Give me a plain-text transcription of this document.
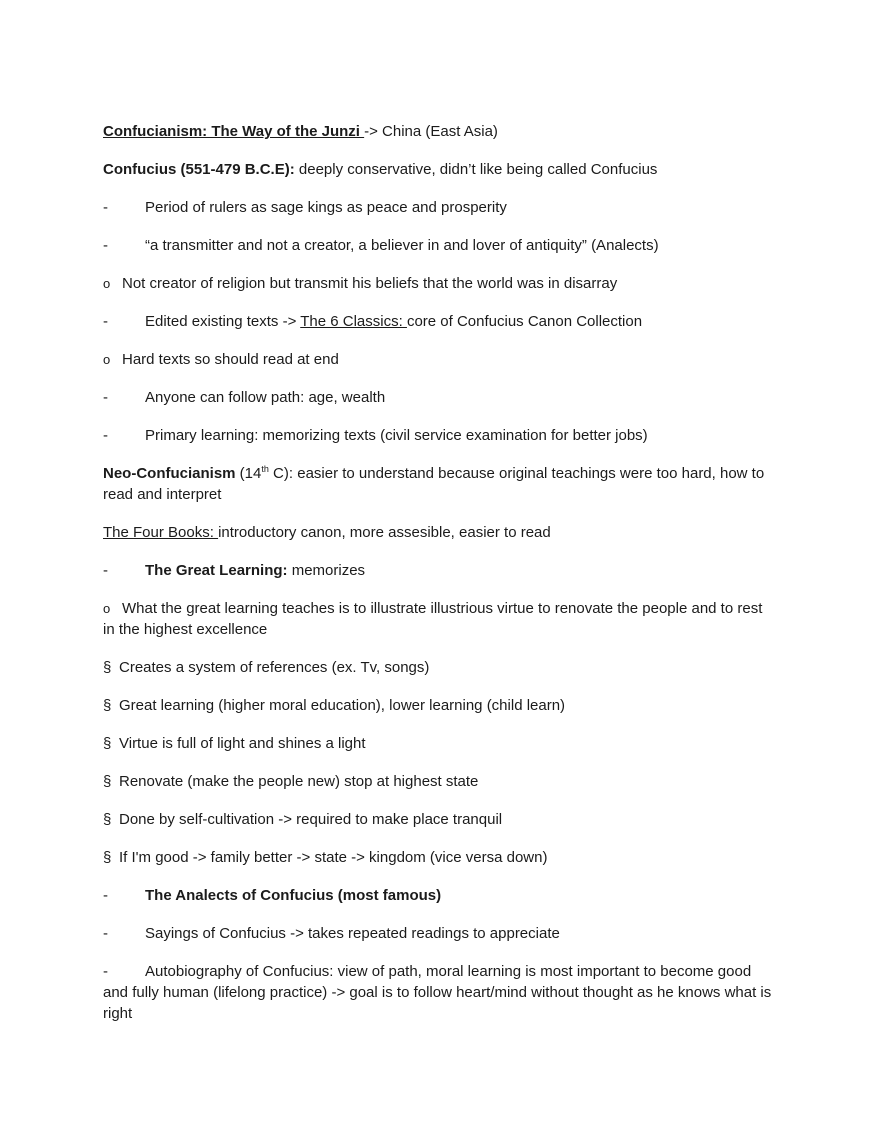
Confucianism: The Way of the Junzi -> China (East Asia)
Confucius (551-479 B.C.E): deeply conservative, didn’t like being called Confucius
- Period of rulers as sage kings as peace and prosperity
- “a transmitter and not a creator, a believer in and lover of antiquity” (Analects)
o Not creator of religion but transmit his beliefs that the world was in disarray
- Edited existing texts -> The 6 Classics: core of Confucius Canon Collection
o Hard texts so should read at end
- Anyone can follow path: age, wealth
- Primary learning: memorizing texts (civil service examination for better jobs)
Neo-Confucianism (14th C): easier to understand because original teachings were too hard, how to read and interpret
The Four Books: introductory canon, more assesible, easier to read
- The Great Learning: memorizes
o What the great learning teaches is to illustrate illustrious virtue to renovate the people and to rest in the highest excellence
§ Creates a system of references (ex. Tv, songs)
§ Great learning (higher moral education), lower learning (child learn)
§ Virtue is full of light and shines a light
§ Renovate (make the people new) stop at highest state
§ Done by self-cultivation -> required to make place tranquil
§ If I'm good -> family better -> state -> kingdom (vice versa down)
- The Analects of Confucius (most famous)
- Sayings of Confucius -> takes repeated readings to appreciate
- Autobiography of Confucius: view of path, moral learning is most important to become good and fully human (lifelong practice) -> goal is to follow heart/mind without thought as he knows what is right
